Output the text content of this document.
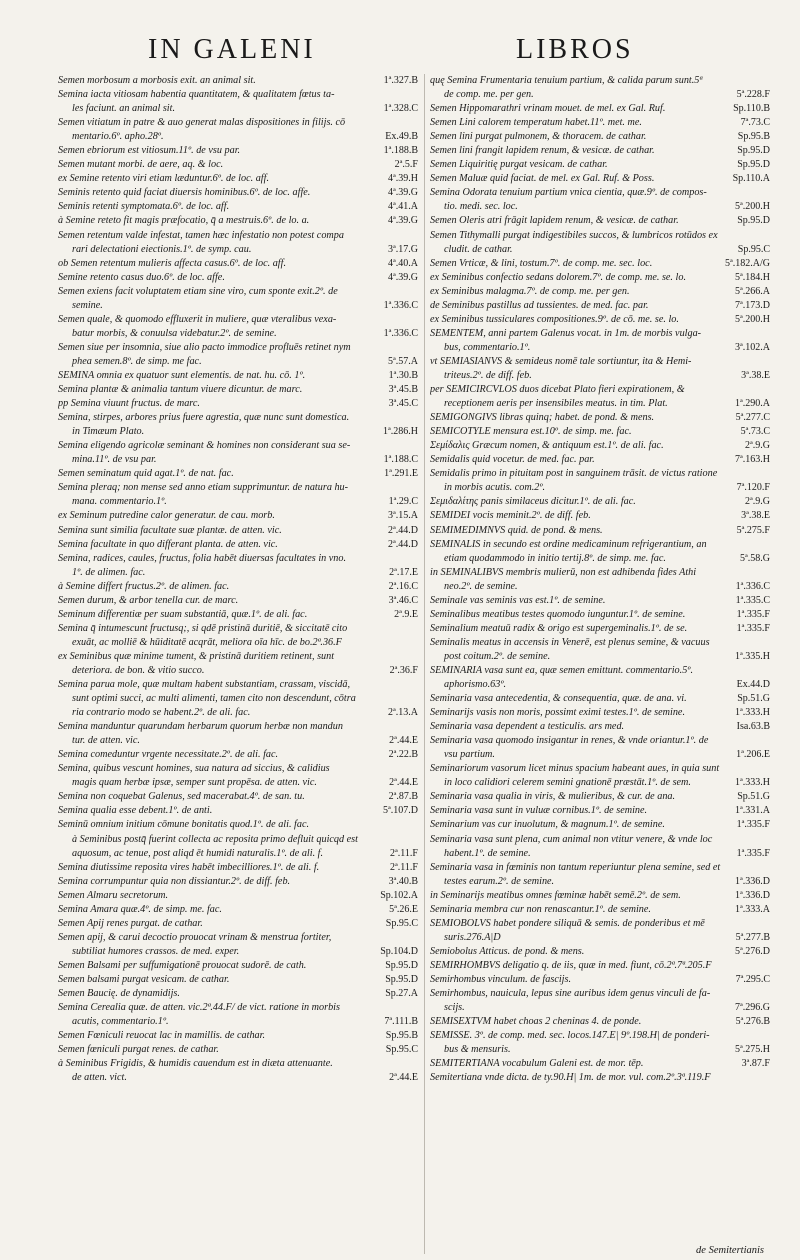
IN GALENI	LIBROS
Semen morbosum a morbosis exit. an animal sit.	1ª.327.B
Semina iacta vitiosam habentia quantitatem, & qualitatem fœtus ta-
les faciunt. an animal sit.	1ª.328.C
Semen vitiatum in patre & auo generat malas dispositiones in filijs. cō
mentario.6º. apho.28º.	Ex.49.B
Semen ebriorum est vitiosum.11º. de vsu par.	1ª.188.B
Semen mutant morbi. de aere, aq. & loc.	2ª.5.F
ex Semine retento viri etiam læduntur.6º. de loc. aff.	4ª.39.H
Seminis retento quid faciat diuersis hominibus.6º. de loc. affe.	4ª.39.G
Seminis retenti symptomata.6º. de loc. aff.	4ª.41.A
à Semine reteto fit magis præfocatio, q̄ a mestruis.6º. de lo. a.	4ª.39.G
Semen retentum valde infestat, tamen hæc infestatio non potest compa
rari delectationi eiectionis.1º. de symp. cau.	3ª.17.G
ob Semen retentum mulieris affecta casus.6º. de loc. aff.	4ª.40.A
Semine retento casus duo.6º. de loc. affe.	4ª.39.G
Semen exiens facit voluptatem etiam sine viro, cum sponte exit.2º. de
semine.	1ª.336.C
Semen quale, & quomodo effluxerit in muliere, quæ vteralibus vexa-
batur morbis, & conuulsa videbatur.2º. de semine.	1ª.336.C
Semen siue per insomnia, siue alio pacto immodice profluēs retinet nym
phea semen.8º. de simp. me fac.	5ª.57.A
SEMINA omnia ex quatuor sunt elementis. de nat. hu. cō. 1º.	1ª.30.B
Semina plantæ & animalia tantum viuere dicuntur. de marc.	3ª.45.B
pp Semina viuunt fructus. de marc.	3ª.45.C
Semina, stirpes, arbores prius fuere agrestia, quæ nunc sunt domestica.
in Timæum Plato.	1ª.286.H
Semina eligendo agricolæ seminant & homines non considerant sua se-
mina.11º. de vsu par.	1ª.188.C
Semen seminatum quid agat.1º. de nat. fac.	1ª.291.E
Semina pleraq; non mense sed anno etiam supprimuntur. de natura hu-
mana. commentario.1º.	1ª.29.C
ex Seminum putredine calor generatur. de cau. morb.	3ª.15.A
Semina sunt similia facultate suæ plantæ. de atten. vic.	2ª.44.D
Semina facultate in quo differant planta. de atten. vic.	2ª.44.D
Semina, radices, caules, fructus, folia habēt diuersas facultates in vno.
1º. de alimen. fac.	2ª.17.E
à Semine differt fructus.2º. de alimen. fac.	2ª.16.C
Semen durum, & arbor tenella cur. de marc.	3ª.46.C
Seminum differentiæ per suam substantiā, quæ.1º. de ali. fac.	2ª.9.E
Semina q̄ intumescunt fructusq;, si qdē pristinā duritiē, & siccitatē cito
exuāt, ac molliē & hūiditatē acqrāt, meliora oīa hīc. de bo.2ª.36.F
ex Seminibus quæ minime tument, & pristinā duritiem retinent, sunt
deteriora. de bon. & vitio succo.	2ª.36.F
Semina parua mole, quæ multam habent substantiam, crassam, viscidā,
sunt optimi succi, ac multi alimenti, tamen cito non descendunt, cōtra
ria contrario modo se habent.2º. de ali. fac.	2ª.13.A
Semina manduntur quarundam herbarum quorum herbæ non mandun
tur. de atten. vic.	2ª.44.E
Semina comeduntur vrgente necessitate.2º. de ali. fac.	2ª.22.B
Semina, quibus vescunt homines, sua natura ad siccius, & calidius
magis quam herbæ ipsæ, semper sunt propēsa. de atten. vic.	2ª.44.E
Semina non coquebat Galenus, sed macerabat.4º. de san. tu.	2ª.87.B
Semina qualia esse debent.1º. de anti.	5ª.107.D
Seminū omnium initium cōmune bonitatis quod.1º. de ali. fac.
à Seminibus postq̄ fuerint collecta ac reposita primo defluit quicqd est
aquosum, ac tenue, post aliqd ēt humidi naturalis.1º. de ali. f.	2ª.11.F
Semina diutissime reposita vires habēt imbecilliores.1º. de ali. f.	2ª.11.F
Semina corrumpuntur quia non dissiantur.2º. de diff. feb.	3ª.40.B
Semen Almaru secretorum.	Sp.102.A
Semina Amara quæ.4º. de simp. me. fac.	5ª.26.E
Semen Apij renes purgat. de cathar.	Sp.95.C
Semen apij, & carui decoctio prouocat vrinam & menstrua fortiter,
subtiliat humores crassos. de med. exper.	Sp.104.D
Semen Balsami per suffumigationē prouocat sudorē. de cath.	Sp.95.D
Semen balsami purgat vesicam. de cathar.	Sp.95.D
Semen Baucię. de dynamidijs.	Sp.27.A
Semina Cerealia quæ. de atten. vic.2ª.44.F/ de vict. ratione in morbis
acutis, commentario.1º.	7ª.111.B
Semen Fœniculi reuocat lac in mamillis. de cathar.	Sp.95.B
Semen fœniculi purgat renes. de cathar.	Sp.95.C
à Seminibus Frigidis, & humidis cauendum est in diæta attenuante.
de atten. vict.	2ª.44.E
quę Semina Frumentaria tenuium partium, & calida parum sunt.5ª
de comp. me. per gen.	5ª.228.F
Semen Hippomarathri vrinam mouet. de mel. ex Gal. Ruf.	Sp.110.B
Semen Lini calorem temperatum habet.11º. met. me.	7ª.73.C
Semen lini purgat pulmonem, & thoracem. de cathar.	Sp.95.B
Semen lini frangit lapidem renum, & vesicæ. de cathar.	Sp.95.D
Semen Liquiritię purgat vesicam. de cathar.	Sp.95.D
Semen Maluæ quid faciat. de mel. ex Gal. Ruf. & Poss.	Sp.110.A
Semina Odorata tenuium partium vnica cientia, quæ.9º. de compos-
tio. medi. sec. loc.	5ª.200.H
Semen Oleris atri frāgit lapidem renum, & vesicæ. de cathar.	Sp.95.D
Semen Tithymalli purgat indigestibiles succos, & lumbricos rotūdos ex
cludit. de cathar.	Sp.95.C
Semen Vrticæ, & lini, tostum.7º. de comp. me. sec. loc.	5ª.182.A/G
ex Seminibus confectio sedans dolorem.7º. de comp. me. se. lo.	5ª.184.H
ex Seminibus malagma.7º. de comp. me. per gen.	5ª.266.A
de Seminibus pastillus ad tussientes. de med. fac. par.	7ª.173.D
ex Seminibus tussiculares compositiones.9º. de cō. me. se. lo.	5ª.200.H
SEMENTEM, anni partem Galenus vocat. in 1m. de morbis vulga-
bus, commentario.1º.	3ª.102.A
vt SEMIASIANVS & semideus nomē tale sortiuntur, ita & Hemi-
triteus.2º. de diff. feb.	3ª.38.E
per SEMICIRCVLOS duos dicebat Plato fieri expirationem, &
receptionem aeris per insensibiles meatus. in tim. Plat.	1ª.290.A
SEMIGONGIVS libras quinq; habet. de pond. & mens.	5ª.277.C
SEMICOTYLE mensura est.10º. de simp. me. fac.	5ª.73.C
Σεμίδαλις Græcum nomen, & antiquum est.1º. de ali. fac.	2ª.9.G
Semidalis quid vocetur. de med. fac. par.	7ª.163.H
Semidalis primo in pituitam post in sanguinem trāsit. de victus ratione
in morbis acutis. com.2º.	7ª.120.F
Σεμιδαλίτης panis similaceus dicitur.1º. de ali. fac.	2ª.9.G
SEMIDEI vocis meminit.2º. de diff. feb.	3ª.38.E
SEMIMEDIMNVS quid. de pond. & mens.	5ª.275.F
SEMINALIS in secundo est ordine medicaminum refrigerantium, an
etiam quodammodo in initio tertij.8º. de simp. me. fac.	5ª.58.G
in SEMINALIBVS membris mulierū, non est adhibenda fides Athi
neo.2º. de semine.	1ª.336.C
Seminale vas seminis vas est.1º. de semine.	1ª.335.C
Seminalibus meatibus testes quomodo iunguntur.1º. de semine.	1ª.335.F
Seminalium meatuū radix & origo est supergeminalis.1º. de se.	1ª.335.F
Seminalis meatus in accensis in Venerē, est plenus semine, & vacuus
post coitum.2º. de semine.	1ª.335.H
SEMINARIA vasa sunt ea, quæ semen emittunt. commentario.5º.
aphorismo.63º.	Ex.44.D
Seminaria vasa antecedentia, & consequentia, quæ. de ana. vi.	Sp.51.G
Seminarijs vasis non moris, possimt eximi testes.1º. de semine.	1ª.333.H
Seminaria vasa dependent a testiculis. ars med.	Isa.63.B
Seminaria vasa quomodo insigantur in renes, & vnde oriantur.1º. de
vsu partium.	1ª.206.E
Seminariorum vasorum licet minus spacium habeant aues, in quia sunt
in loco calidiori celerem semini gnationē præstāt.1º. de sem.	1ª.333.H
Seminaria vasa qualia in viris, & mulieribus, & cur. de ana.	Sp.51.G
Seminaria vasa sunt in vuluæ cornibus.1º. de semine.	1ª.331.A
Seminarium vas cur inuolutum, & magnum.1º. de semine.	1ª.335.F
Seminaria vasa sunt plena, cum animal non vtitur venere, & vnde loc
habent.1º. de semine.	1ª.335.F
Seminaria vasa in fœminis non tantum reperiuntur plena semine, sed et
testes earum.2º. de semine.	1ª.336.D
in Seminarijs meatibus omnes fœminæ habēt semē.2º. de sem.	1ª.336.D
Seminaria membra cur non renascantur.1º. de semine.	1ª.333.A
SEMIOBOLVS habet pondere siliquā & semis. de ponderibus et mē
suris.276.A|D	5ª.277.B
Semiobolus Atticus. de pond. & mens.	5ª.276.D
SEMIRHOMBVS deligatio q. de iis, quæ in med. fiunt, cō.2ª.7ª.205.F
Semirhombus vinculum. de fascijs.	7ª.295.C
Semirhombus, nauicula, lepus sine auribus idem genus vinculi de fa-
scijs.	7ª.296.G
SEMISEXTVM habet choas 2 cheninas 4. de ponde.	5ª.276.B
SEMISSE. 3º. de comp. med. sec. locos.147.E| 9º.198.H| de ponderi-
bus & mensuris.	5ª.275.H
SEMITERTIANA vocabulum Galeni est. de mor. tēp.	3ª.87.F
Semitertiana vnde dicta. de ty.90.H| 1m. de mor. vul. com.2º.3ª.119.F
de Semitertianis
